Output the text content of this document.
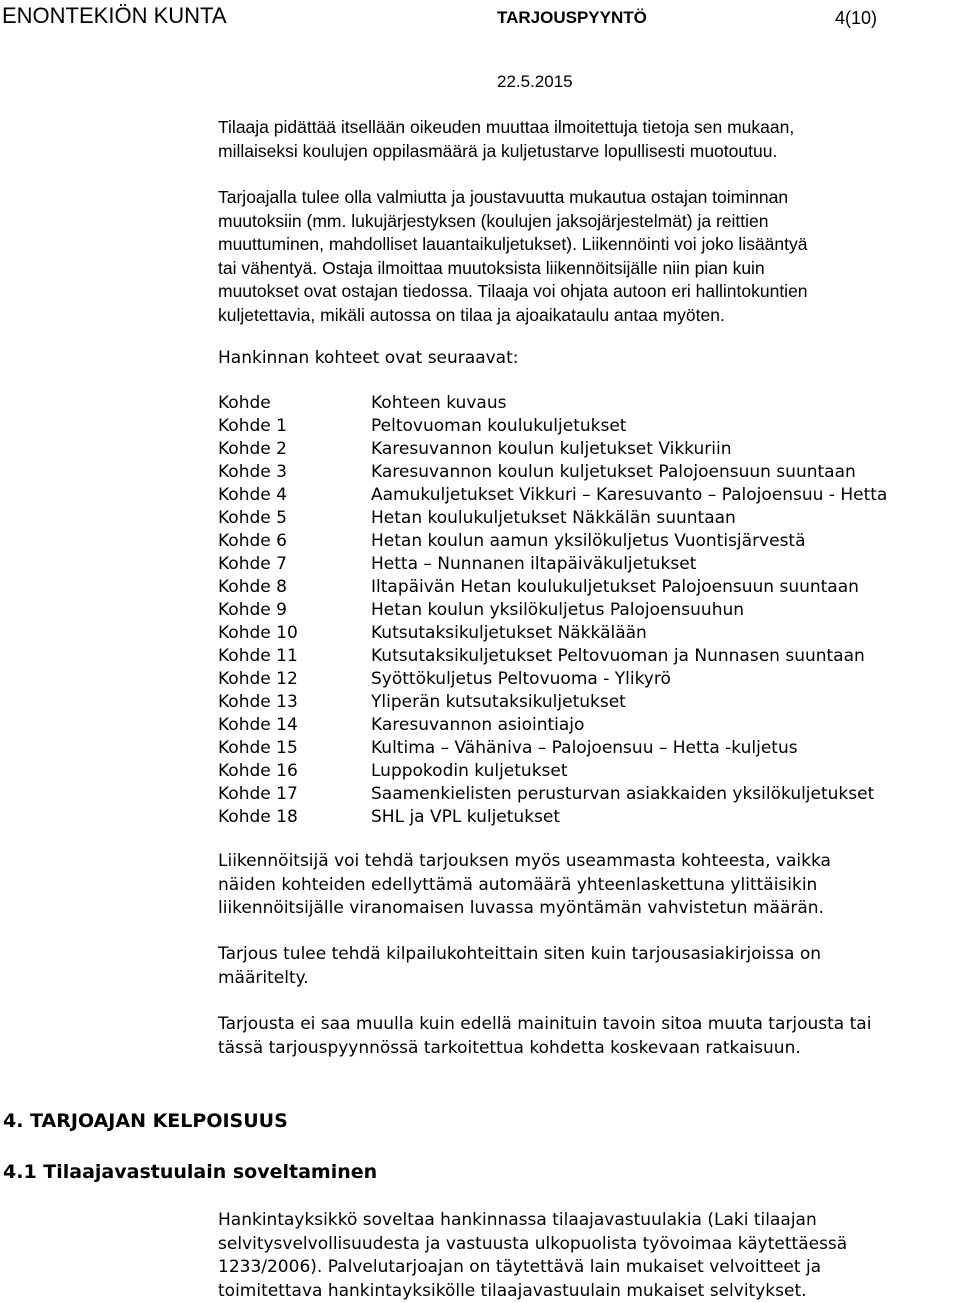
ENONTEKIÖN KUNTA	TARJOUSPYYNTÖ	4(10)
22.5.2015

Tilaaja pidättää itsellään oikeuden muuttaa ilmoitettuja tietoja sen mukaan,

millaiseksi koulujen oppilasmäärä ja kuljetustarve lopullisesti muotoutuu.

Tarjoajalla tulee olla valmiutta ja joustavuutta mukautua ostajan toiminnan

muutoksiin (mm. lukujärjestyksen (koulujen jaksojärjestelmät) ja reittien

muuttuminen, mahdolliset lauantaikuljetukset). Liikennöinti voi joko lisääntyä

tai vähentyä. Ostaja ilmoittaa muutoksista liikennöitsijälle niin pian kuin

muutokset ovat ostajan tiedossa. Tilaaja voi ohjata autoon eri hallintokuntien

kuljetettavia, mikäli autossa on tilaa ja ajoaikataulu antaa myöten.

Hankinnan kohteet ovat seuraavat:

Kohde	Kohteen kuvaus
Kohde 1	Peltovuoman koulukuljetukset
Kohde 2	Karesuvannon koulun kuljetukset Vikkuriin
Kohde 3	Karesuvannon koulun kuljetukset Palojoensuun suuntaan
Kohde 4	Aamukuljetukset Vikkuri – Karesuvanto – Palojoensuu - Hetta
Kohde 5	Hetan koulukuljetukset Näkkälän suuntaan
Kohde 6	Hetan koulun aamun yksilökuljetus Vuontisjärvestä
Kohde 7	Hetta – Nunnanen iltapäiväkuljetukset
Kohde 8	Iltapäivän Hetan koulukuljetukset Palojoensuun suuntaan
Kohde 9	Hetan koulun yksilökuljetus Palojoensuuhun
Kohde 10	Kutsutaksikuljetukset Näkkälään
Kohde 11	Kutsutaksikuljetukset Peltovuoman ja Nunnasen suuntaan
Kohde 12	Syöttökuljetus Peltovuoma - Ylikyrö
Kohde 13	Yliperän kutsutaksikuljetukset
Kohde 14	Karesuvannon asiointiajo
Kohde 15	Kultima – Vähäniva – Palojoensuu – Hetta -kuljetus
Kohde 16	Luppokodin kuljetukset
Kohde 17	Saamenkielisten perusturvan asiakkaiden yksilökuljetukset
Kohde 18	SHL ja VPL kuljetukset

Liikennöitsijä voi tehdä tarjouksen myös useammasta kohteesta, vaikka

näiden kohteiden edellyttämä automäärä yhteenlaskettuna ylittäisikin

liikennöitsijälle viranomaisen luvassa myöntämän vahvistetun määrän.

Tarjous tulee tehdä kilpailukohteittain siten kuin tarjousasiakirjoissa on

määritelty.

Tarjousta ei saa muulla kuin edellä mainituin tavoin sitoa muuta tarjousta tai

tässä tarjouspyynnössä tarkoitettua kohdetta koskevaan ratkaisuun.

4. TARJOAJAN KELPOISUUS
4.1 Tilaajavastuulain soveltaminen

Hankintayksikkö soveltaa hankinnassa tilaajavastuulakia (Laki tilaajan

selvitysvelvollisuudesta ja vastuusta ulkopuolista työvoimaa käytettäessä

1233/2006). Palvelutarjoajan on täytettävä lain mukaiset velvoitteet ja

toimitettava hankintayksikölle tilaajavastuulain mukaiset selvitykset.
